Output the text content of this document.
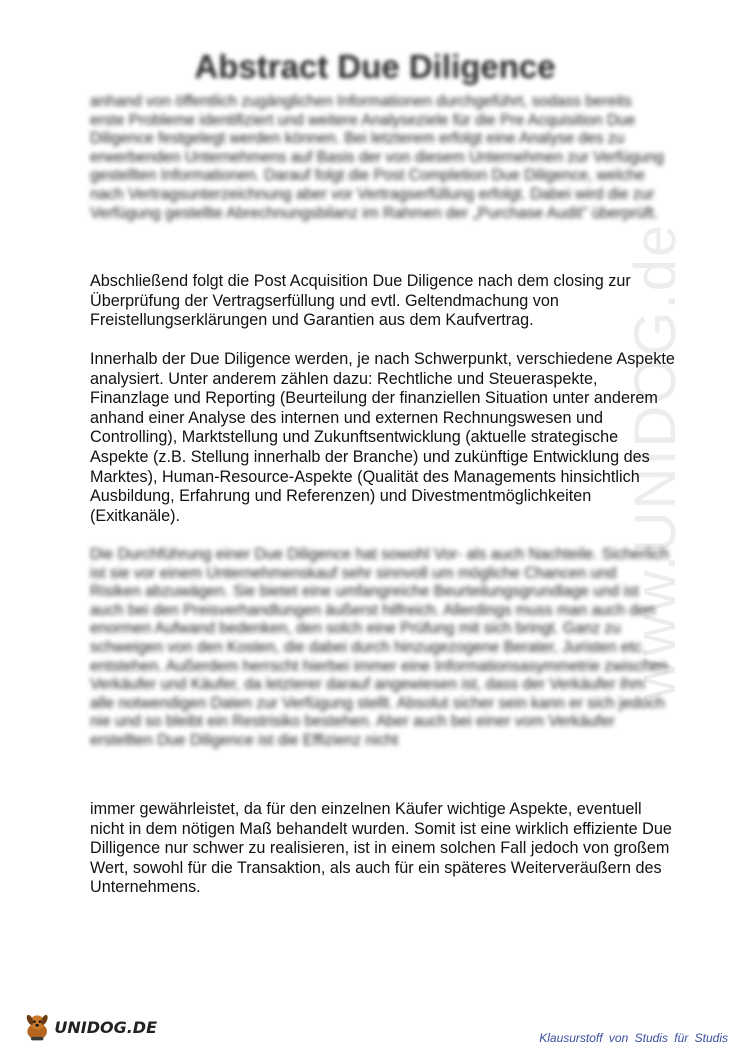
Abstract Due Diligence
www.UNIDOG.de
anhand von öffentlich zugänglichen Informationen durchgeführt, sodass bereits erste Probleme identifiziert und weitere Analyseziele für die Pre Acquisition Due Diligence festgelegt werden können. Bei letzterem erfolgt eine Analyse des zu erwerbenden Unternehmens auf Basis der von diesem Unternehmen zur Verfügung gestellten Informationen. Darauf folgt die Post Completion Due Diligence, welche nach Vertragsunterzeichnung aber vor Vertragserfüllung erfolgt. Dabei wird die zur Verfügung gestellte Abrechnungsbilanz im Rahmen der „Purchase Audit" überprüft.

Abschließend folgt die Post Acquisition Due Diligence nach dem closing zur Überprüfung der Vertragserfüllung und evtl. Geltendmachung von Freistellungserklärungen und Garantien aus dem Kaufvertrag.

Innerhalb der Due Diligence werden, je nach Schwerpunkt, verschiedene Aspekte analysiert. Unter anderem zählen dazu: Rechtliche und Steueraspekte, Finanzlage und Reporting (Beurteilung der finanziellen Situation unter anderem anhand einer Analyse des internen und externen Rechnungswesen und Controlling), Marktstellung und Zukunftsentwicklung (aktuelle strategische Aspekte (z.B. Stellung innerhalb der Branche) und zukünftige Entwicklung des Marktes), Human-Resource-Aspekte (Qualität des Managements hinsichtlich Ausbildung, Erfahrung und Referenzen) und Divestmentmöglichkeiten (Exitkanäle).

Die Durchführung einer Due Diligence hat sowohl Vor- als auch Nachteile. Sicherlich ist sie vor einem Unternehmenskauf sehr sinnvoll um mögliche Chancen und Risiken abzuwägen. Sie bietet eine umfangreiche Beurteilungsgrundlage und ist auch bei den Preisverhandlungen äußerst hilfreich. Allerdings muss man auch den enormen Aufwand bedenken, den solch eine Prüfung mit sich bringt. Ganz zu schweigen von den Kosten, die dabei durch hinzugezogene Berater, Juristen etc. entstehen. Außerdem herrscht hierbei immer eine Informationsasymmetrie zwischen Verkäufer und Käufer, da letzterer darauf angewiesen ist, dass der Verkäufer ihm alle notwendigen Daten zur Verfügung stellt. Absolut sicher sein kann er sich jedoch nie und so bleibt ein Restrisiko bestehen. Aber auch bei einer vom Verkäufer erstellten Due Diligence ist die Effizienz nicht

immer gewährleistet, da für den einzelnen Käufer wichtige Aspekte, eventuell nicht in dem nötigen Maß behandelt wurden. Somit ist eine wirklich effiziente Due Dilligence nur schwer zu realisieren, ist in einem solchen Fall jedoch von großem Wert, sowohl für die Transaktion, als auch für ein späteres Weiterveräußern des Unternehmens.

UNIDOG.DE
Klausurstoff von Studis für Studis
